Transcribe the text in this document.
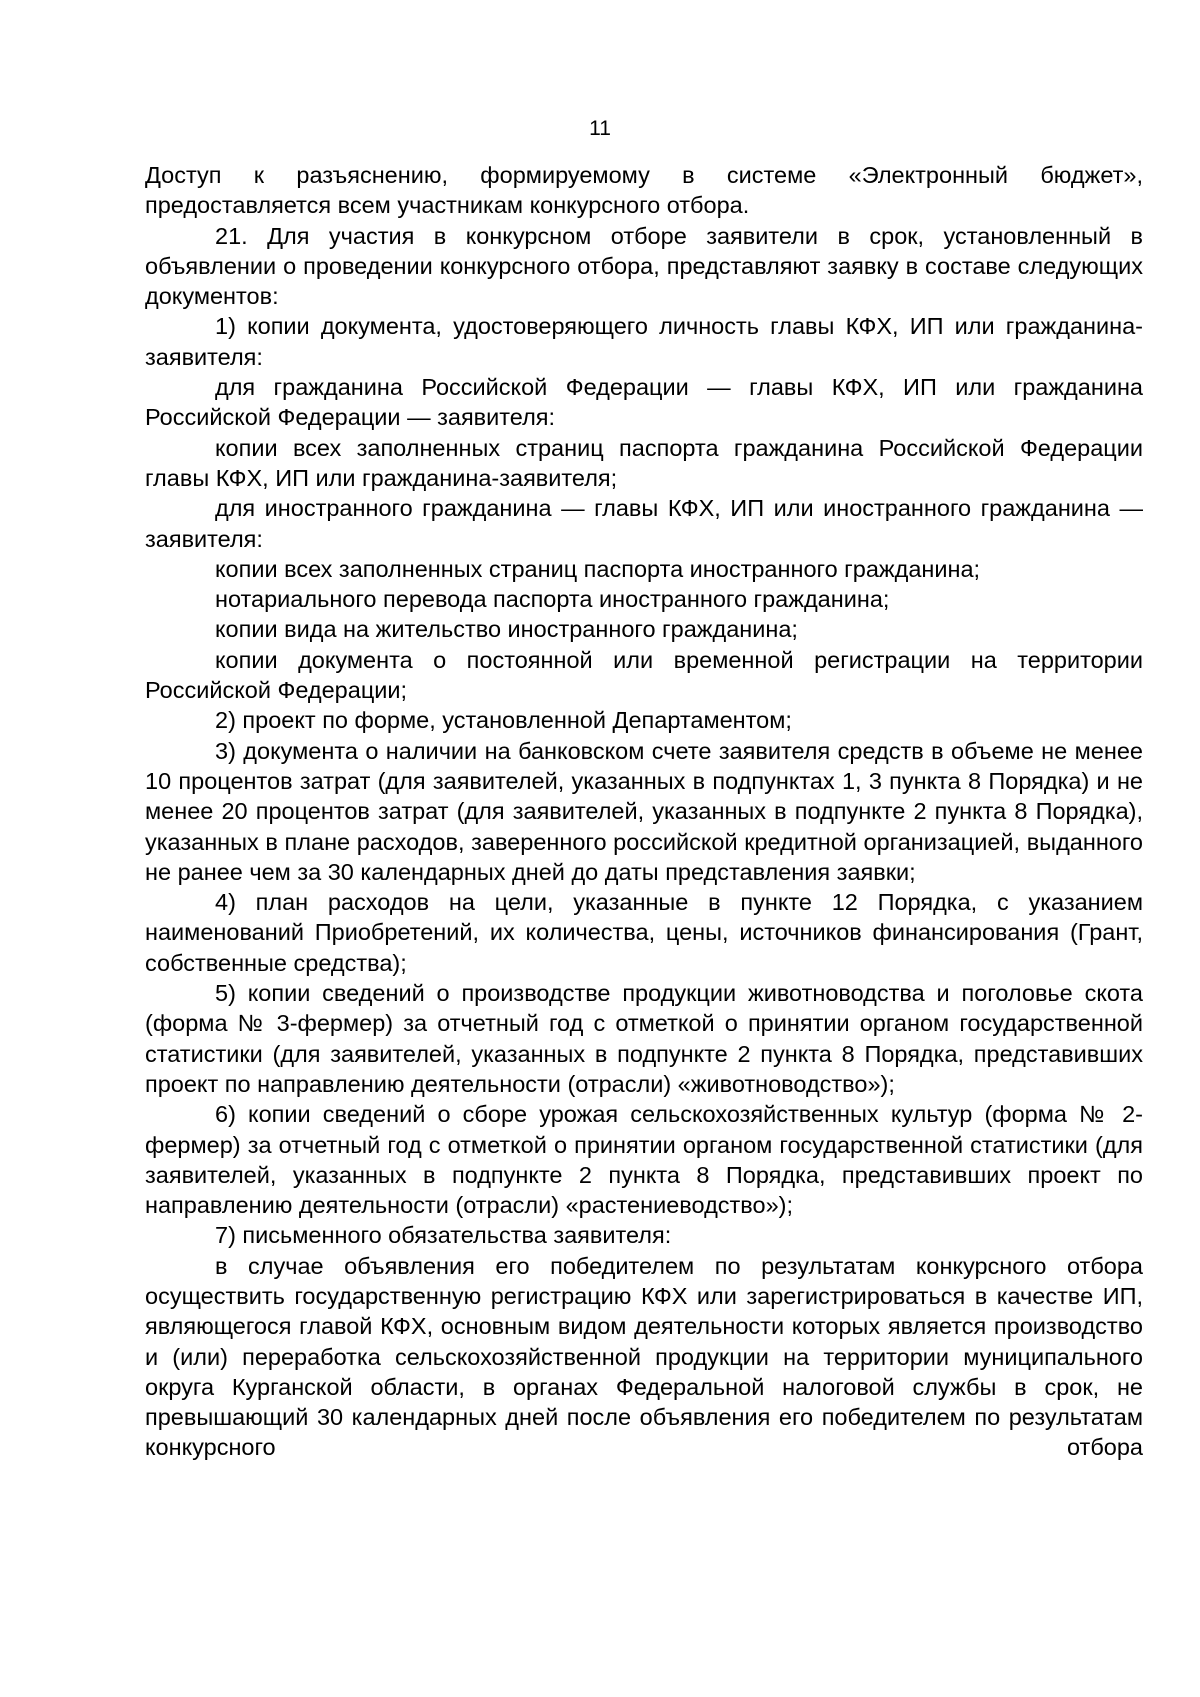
11

Доступ к разъяснению, формируемому в системе «Электронный бюджет», предоставляется всем участникам конкурсного отбора.

21. Для участия в конкурсном отборе заявители в срок, установленный в объявлении о проведении конкурсного отбора, представляют заявку в составе следующих документов:

1) копии документа, удостоверяющего личность главы КФХ, ИП или гражданина-заявителя:

для гражданина Российской Федерации — главы КФХ, ИП или гражданина Российской Федерации — заявителя:

копии всех заполненных страниц паспорта гражданина Российской Федерации главы КФХ, ИП или гражданина-заявителя;

для иностранного гражданина — главы КФХ, ИП или иностранного гражданина — заявителя:

копии всех заполненных страниц паспорта иностранного гражданина;

нотариального перевода паспорта иностранного гражданина;

копии вида на жительство иностранного гражданина;

копии документа о постоянной или временной регистрации на территории Российской Федерации;

2) проект по форме, установленной Департаментом;

3) документа о наличии на банковском счете заявителя средств в объеме не менее 10 процентов затрат (для заявителей, указанных в подпунктах 1, 3 пункта 8 Порядка) и не менее 20 процентов затрат (для заявителей, указанных в подпункте 2 пункта 8 Порядка), указанных в плане расходов, заверенного российской кредитной организацией, выданного не ранее чем за 30 календарных дней до даты представления заявки;

4) план расходов на цели, указанные в пункте 12 Порядка, с указанием наименований Приобретений, их количества, цены, источников финансирования (Грант, собственные средства);

5) копии сведений о производстве продукции животноводства и поголовье скота (форма № 3-фермер) за отчетный год с отметкой о принятии органом государственной статистики (для заявителей, указанных в подпункте 2 пункта 8 Порядка, представивших проект по направлению деятельности (отрасли) «животноводство»);

6) копии сведений о сборе урожая сельскохозяйственных культур (форма № 2-фермер) за отчетный год с отметкой о принятии органом государственной статистики (для заявителей, указанных в подпункте 2 пункта 8 Порядка, представивших проект по направлению деятельности (отрасли) «растениеводство»);

7) письменного обязательства заявителя:

в случае объявления его победителем по результатам конкурсного отбора осуществить государственную регистрацию КФХ или зарегистрироваться в качестве ИП, являющегося главой КФХ, основным видом деятельности которых является производство и (или) переработка сельскохозяйственной продукции на территории муниципального округа Курганской области, в органах Федеральной налоговой службы в срок, не превышающий 30 календарных дней после объявления его победителем по результатам конкурсного отбора
